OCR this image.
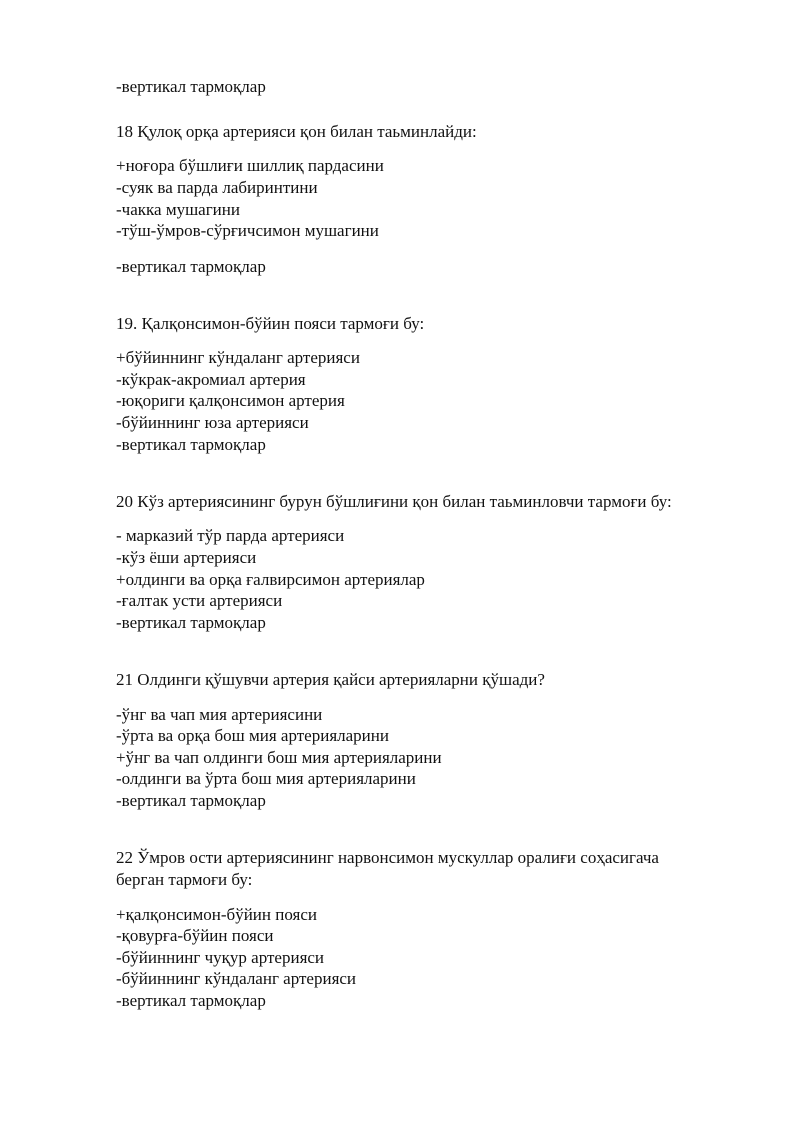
-вертикал тармоқлар
18 Қулоқ орқа артерияси қон билан таьминлайди:
+ноғора бўшлиғи шиллиқ пардасини
-суяк ва парда лабиринтини
-чакка мушагини
-тўш-ўмров-сўрғичсимон мушагини
-вертикал тармоқлар
19. Қалқонсимон-бўйин пояси тармоғи бу:
+бўйиннинг кўндаланг артерияси
-кўкрак-акромиал артерия
-юқориги қалқонсимон артерия
-бўйиннинг юза артерияси
-вертикал тармоқлар
20 Кўз артериясининг бурун бўшлиғини қон билан таьминловчи тармоғи бу:
- марказий тўр парда артерияси
-кўз ёши артерияси
+олдинги ва орқа ғалвирсимон артериялар
-ғалтак усти артерияси
-вертикал тармоқлар
21 Олдинги қўшувчи артерия қайси артерияларни қўшади?
-ўнг ва чап мия артериясини
-ўрта ва орқа бош мия артерияларини
+ўнг ва чап олдинги бош мия артерияларини
-олдинги ва ўрта бош мия артерияларини
-вертикал тармоқлар
22 Ўмров ости артериясининг нарвонсимон мускуллар оралиғи соҳасигача
берган тармоғи бу:
+қалқонсимон-бўйин пояси
-қовурға-бўйин пояси
-бўйиннинг чуқур артерияси
-бўйиннинг кўндаланг артерияси
-вертикал тармоқлар
